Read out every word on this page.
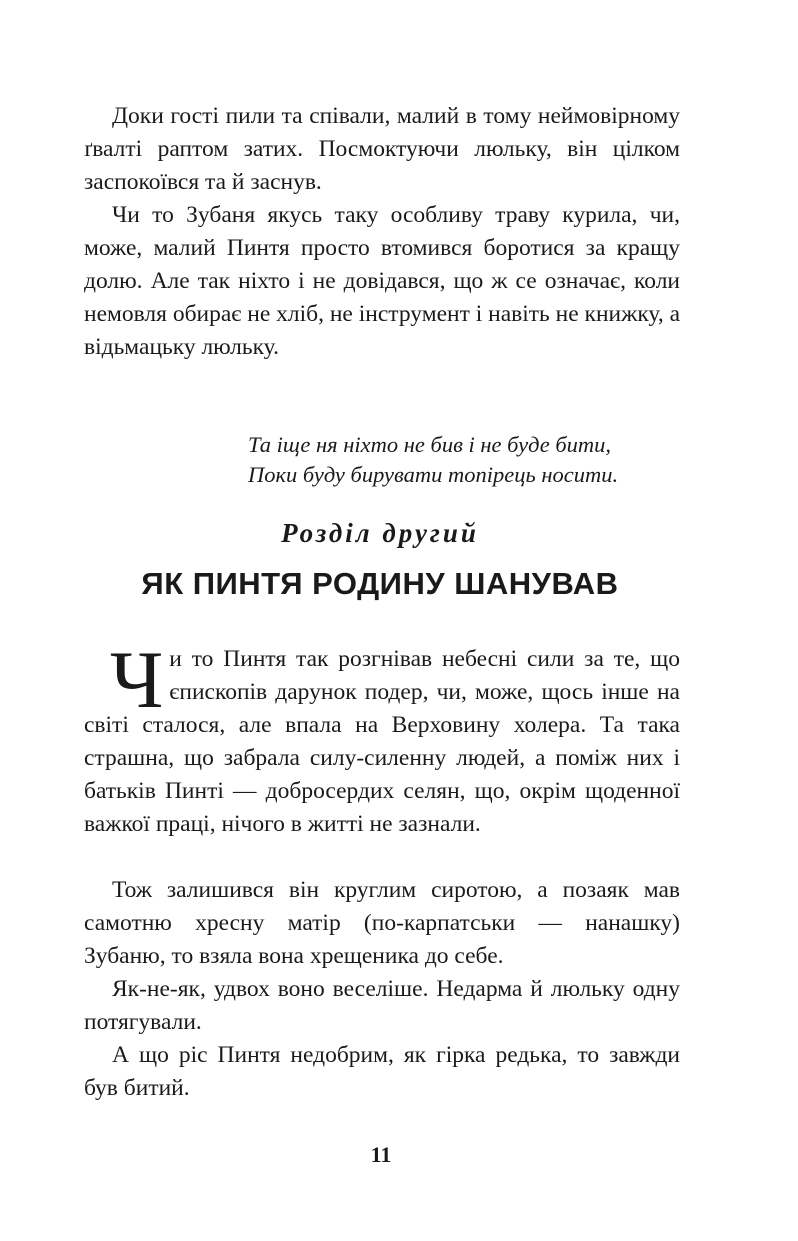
Доки гості пили та співали, малий в тому неймовірному ґвалті раптом затих. Посмоктуючи люльку, він цілком заспокоївся та й заснув.

Чи то Зубаня якусь таку особливу траву курила, чи, може, малий Пинтя просто втомився боротися за кращу долю. Але так ніхто і не довідався, що ж се означає, коли немовля обирає не хліб, не інструмент і навіть не книжку, а відьмацьку люльку.

Та іще ня ніхто не бив і не буде бити,
Поки буду бирувати топірець носити.
Розділ другий
ЯК ПИНТЯ РОДИНУ ШАНУВАВ

Чи то Пинтя так розгнівав небесні сили за те, що єпископів дарунок подер, чи, може, щось інше на світі сталося, але впала на Верховину холера. Та така страшна, що забрала силу-силенну людей, а поміж них і батьків Пинті — добросердих селян, що, окрім щоденної важкої праці, нічого в житті не зазнали.

Тож залишився він круглим сиротою, а позаяк мав самотню хресну матір (по-карпатськи — нанашку) Зубаню, то взяла вона хрещеника до себе.

Як-не-як, удвох воно веселіше. Недарма й люльку одну потягували.

А що ріс Пинтя недобрим, як гірка редька, то завжди був битий.

11
